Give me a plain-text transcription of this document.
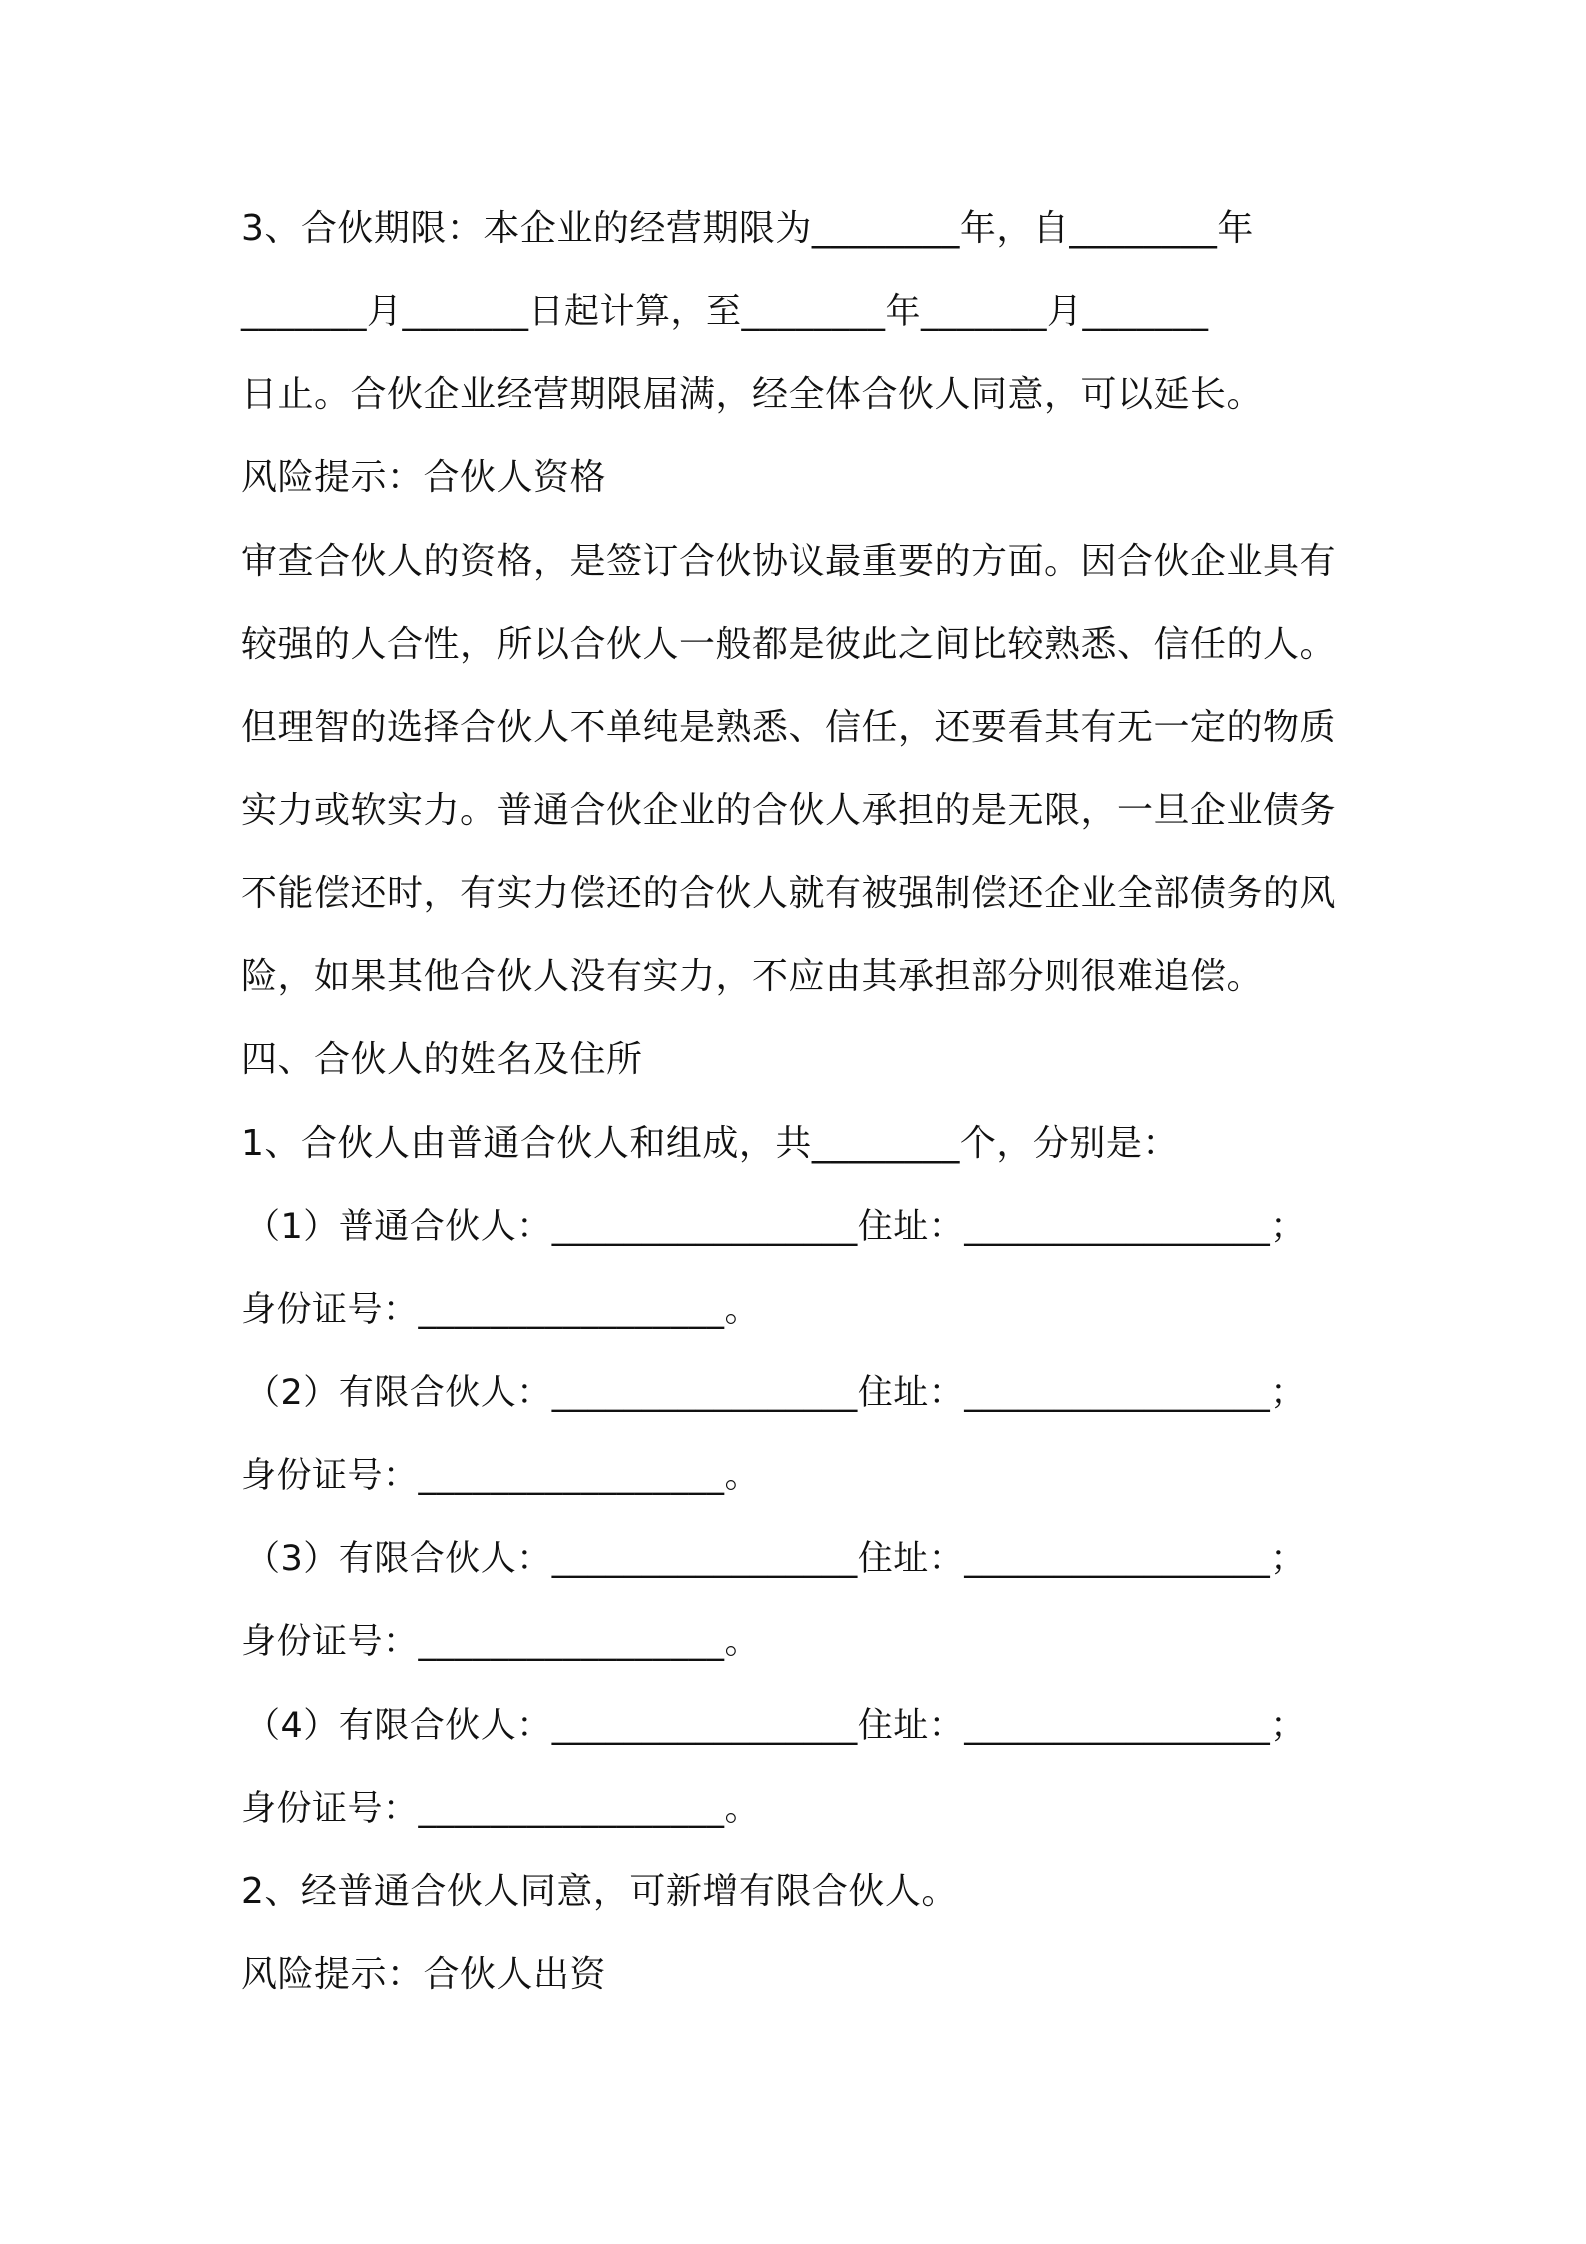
3、合伙期限：本企业的经营期限为________年，自________年
_______月_______日起计算，至________年_______月_______
日止。合伙企业经营期限届满，经全体合伙人同意，可以延长。
风险提示：合伙人资格
审查合伙人的资格，是签订合伙协议最重要的方面。因合伙企业具有
较强的人合性，所以合伙人一般都是彼此之间比较熟悉、信任的人。
但理智的选择合伙人不单纯是熟悉、信任，还要看其有无一定的物质
实力或软实力。普通合伙企业的合伙人承担的是无限，一旦企业债务
不能偿还时，有实力偿还的合伙人就有被强制偿还企业全部债务的风
险，如果其他合伙人没有实力，不应由其承担部分则很难追偿。
四、合伙人的姓名及住所
1、合伙人由普通合伙人和组成，共________个，分别是：
（1）普通合伙人：_________________住址：_________________；
身份证号：_________________。
（2）有限合伙人：_________________住址：_________________；
身份证号：_________________。
（3）有限合伙人：_________________住址：_________________；
身份证号：_________________。
（4）有限合伙人：_________________住址：_________________；
身份证号：_________________。
2、经普通合伙人同意，可新增有限合伙人。
风险提示：合伙人出资
